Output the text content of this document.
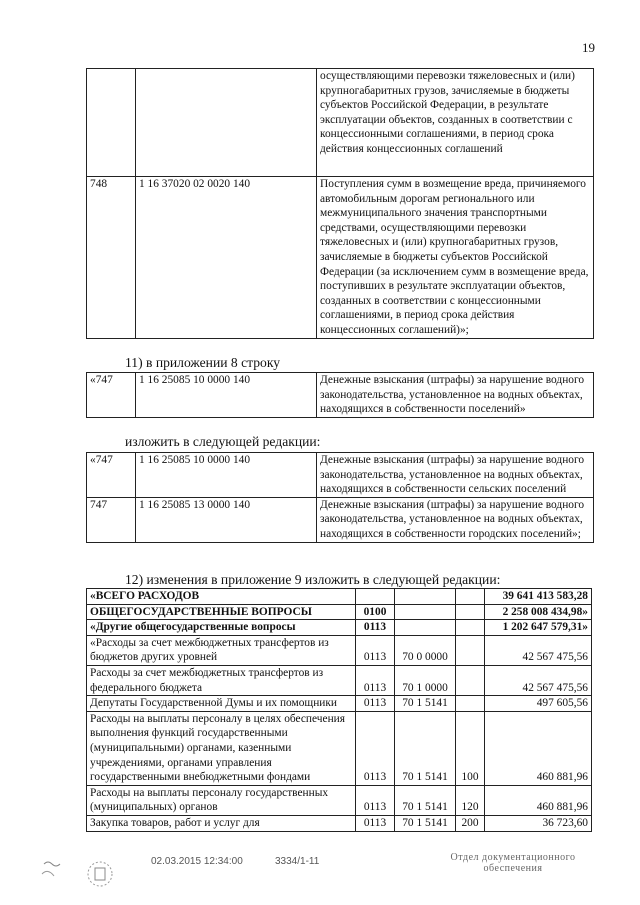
19
		осуществляющими перевозки тяжеловесных и (или) крупногабаритных грузов, зачисляемые в бюджеты субъектов Российской Федерации, в результате эксплуатации объектов, созданных в соответствии с концессионными соглашениями, в период срока действия концессионных соглашений
748	1 16 37020 02 0020 140	Поступления сумм в возмещение вреда, причиняемого автомобильным дорогам регионального или межмуниципального значения транспортными средствами, осуществляющими перевозки тяжеловесных и (или) крупногабаритных грузов, зачисляемые в бюджеты субъектов Российской Федерации (за исключением сумм в возмещение вреда, поступивших в результате эксплуатации объектов, созданных в соответствии с концессионными соглашениями, в период срока действия концессионных соглашений)»;
11) в приложении 8 строку
«747	1 16 25085 10 0000 140	Денежные взыскания (штрафы) за нарушение водного законодательства, установленное на водных объектах, находящихся в собственности поселений»
изложить в следующей редакции:
«747	1 16 25085 10 0000 140	Денежные взыскания (штрафы) за нарушение водного законодательства, установленное на водных объектах, находящихся в собственности сельских поселений
747	1 16 25085 13 0000 140	Денежные взыскания (штрафы) за нарушение водного законодательства, установленное на водных объектах, находящихся в собственности городских поселений»;
12) изменения в приложение 9 изложить в следующей редакции:
«ВСЕГО РАСХОДОВ				39 641 413 583,28
ОБЩЕГОСУДАРСТВЕННЫЕ ВОПРОСЫ	0100			2 258 008 434,98»
«Другие общегосударственные вопросы	0113			1 202 647 579,31»
«Расходы за счет межбюджетных трансфертов из бюджетов других уровней	0113	70 0 0000		42 567 475,56
Расходы за счет межбюджетных трансфертов из федерального бюджета	0113	70 1 0000		42 567 475,56
Депутаты Государственной Думы и их помощники	0113	70 1 5141		497 605,56
Расходы на выплаты персоналу в целях обеспечения выполнения функций государственными (муниципальными) органами, казенными учреждениями, органами управления государственными внебюджетными фондами	0113	70 1 5141	100	460 881,96
Расходы на выплаты персоналу государственных (муниципальных) органов	0113	70 1 5141	120	460 881,96
Закупка товаров, работ и услуг для	0113	70 1 5141	200	36 723,60
02.03.2015 12:34:00	3334/1-11	Отдел документационного
обеспечения
